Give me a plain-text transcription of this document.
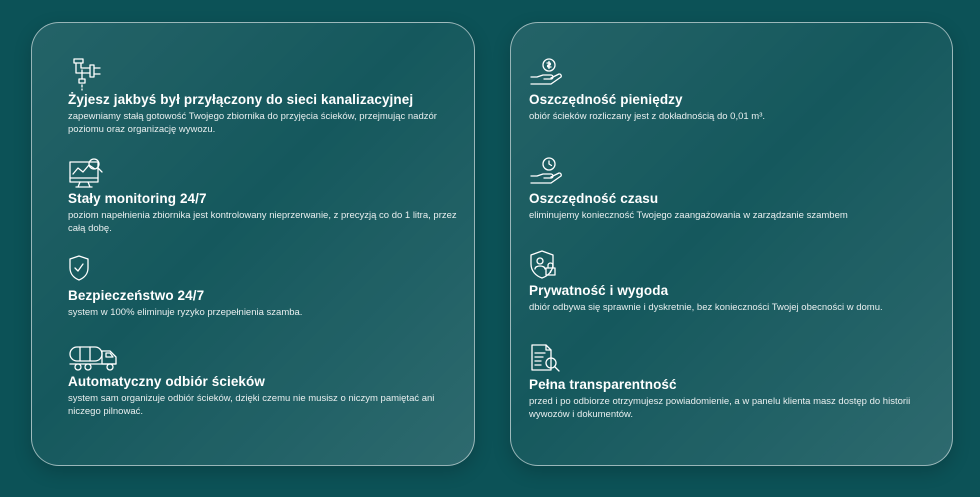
Żyjesz jakbyś był przyłączony do sieci kanalizacyjnej

zapewniamy stałą gotowość Twojego zbiornika do przyjęcia ścieków, przejmując nadzór poziomu oraz organizację wywozu.

Stały monitoring 24/7

poziom napełnienia zbiornika jest kontrolowany nieprzerwanie, z precyzją co do 1 litra, przez całą dobę.

Bezpieczeństwo 24/7

system w 100% eliminuje ryzyko przepełnienia szamba.

Automatyczny odbiór ścieków

system sam organizuje odbiór ścieków, dzięki czemu nie musisz o niczym pamiętać ani niczego pilnować.

Oszczędność pieniędzy

obiór ścieków rozliczany jest z dokładnością do 0,01 m³.

Oszczędność czasu

eliminujemy konieczność Twojego zaangażowania w zarządzanie szambem

Prywatność i wygoda

dbiór odbywa się sprawnie i dyskretnie, bez konieczności Twojej obecności w domu.

Pełna transparentność

przed i po odbiorze otrzymujesz powiadomienie, a w panelu klienta masz dostęp do historii wywozów i dokumentów.
